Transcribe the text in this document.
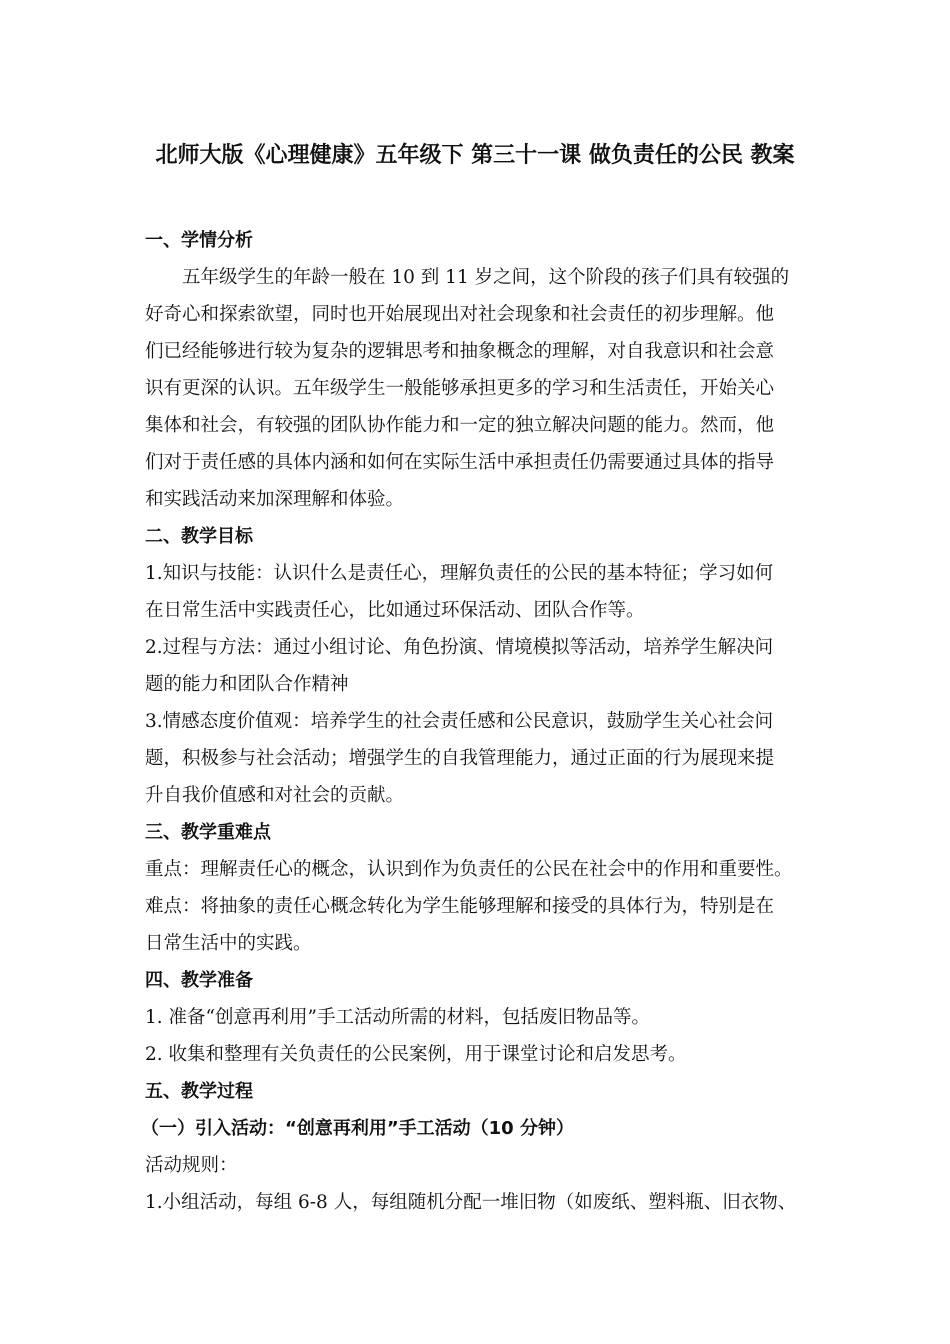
北师大版《心理健康》五年级下 第三十一课 做负责任的公民 教案
一、学情分析
五年级学生的年龄一般在 10 到 11 岁之间，这个阶段的孩子们具有较强的
好奇心和探索欲望，同时也开始展现出对社会现象和社会责任的初步理解。他
们已经能够进行较为复杂的逻辑思考和抽象概念的理解，对自我意识和社会意
识有更深的认识。五年级学生一般能够承担更多的学习和生活责任，开始关心
集体和社会，有较强的团队协作能力和一定的独立解决问题的能力。然而，他
们对于责任感的具体内涵和如何在实际生活中承担责任仍需要通过具体的指导
和实践活动来加深理解和体验。
二、教学目标
1.知识与技能：认识什么是责任心，理解负责任的公民的基本特征；学习如何
在日常生活中实践责任心，比如通过环保活动、团队合作等。
2.过程与方法：通过小组讨论、角色扮演、情境模拟等活动，培养学生解决问
题的能力和团队合作精神
3.情感态度价值观：培养学生的社会责任感和公民意识，鼓励学生关心社会问
题，积极参与社会活动；增强学生的自我管理能力，通过正面的行为展现来提
升自我价值感和对社会的贡献。
三、教学重难点
重点：理解责任心的概念，认识到作为负责任的公民在社会中的作用和重要性。
难点：将抽象的责任心概念转化为学生能够理解和接受的具体行为，特别是在
日常生活中的实践。
四、教学准备
1. 准备“创意再利用”手工活动所需的材料，包括废旧物品等。
2. 收集和整理有关负责任的公民案例，用于课堂讨论和启发思考。
五、教学过程
（一）引入活动：“创意再利用”手工活动（10 分钟）
活动规则：
1.小组活动，每组 6-8 人，每组随机分配一堆旧物（如废纸、塑料瓶、旧衣物、
